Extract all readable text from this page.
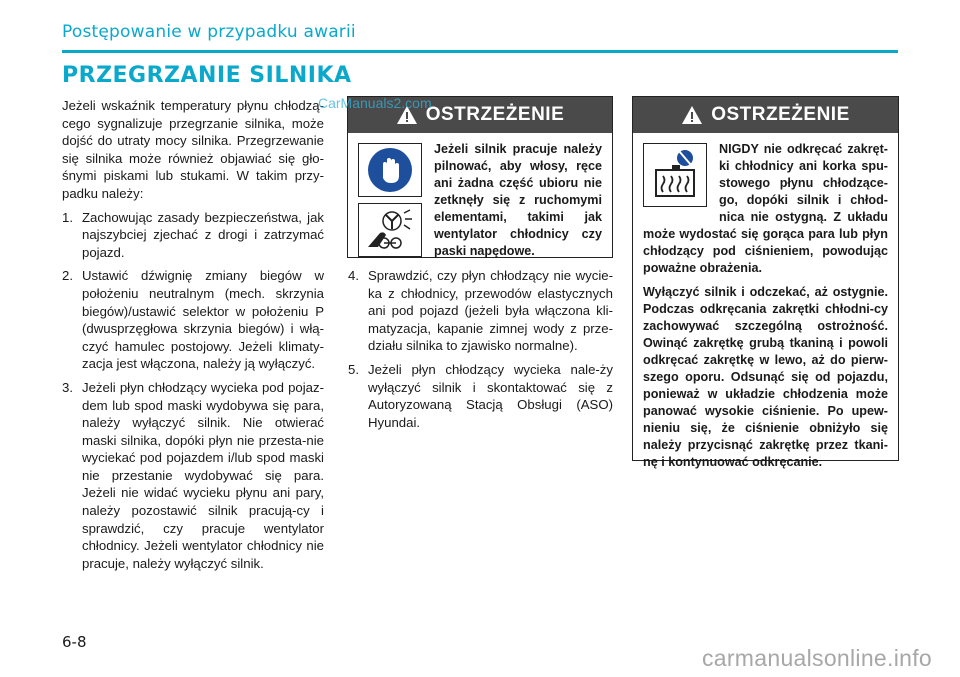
Postępowanie w przypadku awarii
PRZEGRZANIE SILNIKA

Jeżeli wskaźnik temperatury płynu chłodzą-cego sygnalizuje przegrzanie silnika, może dojść do utraty mocy silnika. Przegrzewanie się silnika może również objawiać się gło-śnymi piskami lub stukami. W takim przy-padku należy:

1. Zachowując zasady bezpieczeństwa, jak najszybciej zjechać z drogi i zatrzymać pojazd.
2. Ustawić dźwignię zmiany biegów w położeniu neutralnym (mech. skrzynia biegów)/ustawić selektor w położeniu P (dwusprzęgłowa skrzynia biegów) i włą-czyć hamulec postojowy. Jeżeli klimaty-zacja jest włączona, należy ją wyłączyć.
3. Jeżeli płyn chłodzący wycieka pod pojaz-dem lub spod maski wydobywa się para, należy wyłączyć silnik. Nie otwierać maski silnika, dopóki płyn nie przesta-nie wyciekać pod pojazdem i/lub spod maski nie przestanie wydobywać się para. Jeżeli nie widać wycieku płynu ani pary, należy pozostawić silnik pracują-cy i sprawdzić, czy pracuje wentylator chłodnicy. Jeżeli wentylator chłodnicy nie pracuje, należy wyłączyć silnik.
OSTRZEŻENIE
Jeżeli silnik pracuje należy pilnować, aby włosy, ręce ani żadna część ubioru nie zetknęły się z ruchomymi elementami, takimi jak wentylator chłodnicy czy paski napędowe.
4. Sprawdzić, czy płyn chłodzący nie wycie-ka z chłodnicy, przewodów elastycznych ani pod pojazd (jeżeli była włączona kli-matyzacja, kapanie zimnej wody z prze-działu silnika to zjawisko normalne).
5. Jeżeli płyn chłodzący wycieka nale-ży wyłączyć silnik i skontaktować się z Autoryzowaną Stacją Obsługi (ASO) Hyundai.
OSTRZEŻENIE

NIGDY nie odkręcać zakręt-ki chłodnicy ani korka spu-stowego płynu chłodzące-go, dopóki silnik i chłod-nica nie ostygną. Z układu może wydostać się gorąca para lub płyn chłodzący pod ciśnieniem, powodując poważne obrażenia.

Wyłączyć silnik i odczekać, aż ostygnie. Podczas odkręcania zakrętki chłodni-cy zachowywać szczególną ostrożność. Owinąć zakrętkę grubą tkaniną i powoli odkręcać zakrętkę w lewo, aż do pierw-szego oporu. Odsunąć się od pojazdu, ponieważ w układzie chłodzenia może panować wysokie ciśnienie. Po upew-nieniu się, że ciśnienie obniżyło się należy przycisnąć zakrętkę przez tkani-nę i kontynuować odkręcanie.

6-8
CarManuals2.com
carmanualsonline.info
